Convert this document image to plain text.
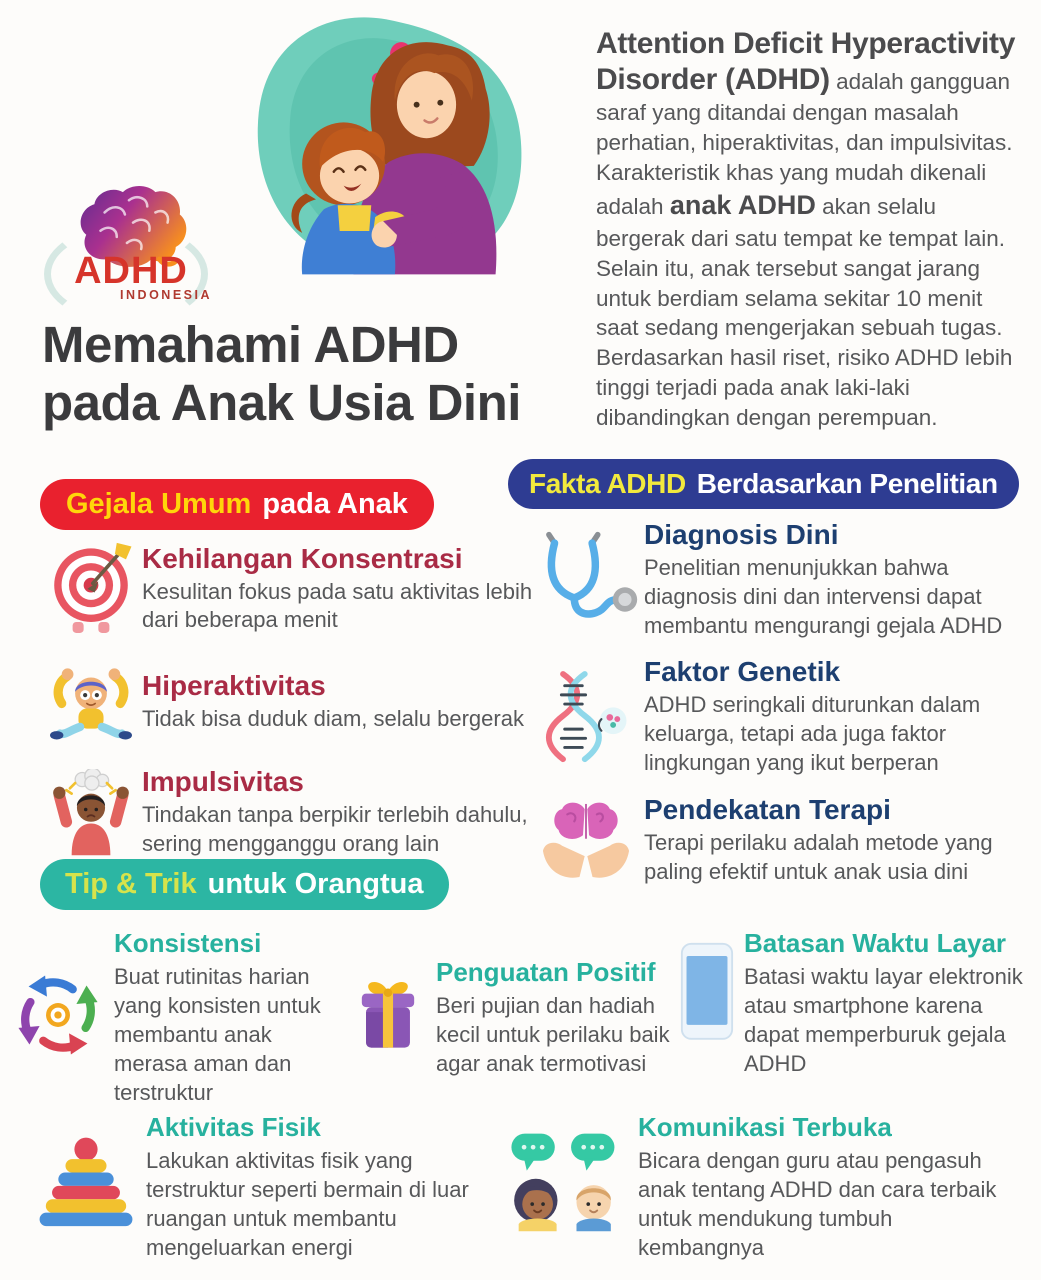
ADHD
INDONESIA
Attention Deficit Hyperactivity Disorder (ADHD) adalah gangguan saraf yang ditandai dengan masalah perhatian, hiperaktivitas, dan impulsivitas. Karakteristik khas yang mudah dikenali adalah anak ADHD akan selalu bergerak dari satu tempat ke tempat lain. Selain itu, anak tersebut sangat jarang untuk berdiam selama sekitar 10 menit saat sedang mengerjakan sebuah tugas. Berdasarkan hasil riset, risiko ADHD lebih tinggi terjadi pada anak laki-laki dibandingkan dengan perempuan.
Memahami ADHD
pada Anak Usia Dini
Gejala Umum pada Anak
Fakta ADHD Berdasarkan Penelitian
Tip & Trik untuk Orangtua
Kehilangan Konsentrasi
Kesulitan fokus pada satu aktivitas lebih dari beberapa menit
Hiperaktivitas
Tidak bisa duduk diam, selalu bergerak
Impulsivitas
Tindakan tanpa berpikir terlebih dahulu, sering mengganggu orang lain
Diagnosis Dini
Penelitian menunjukkan bahwa diagnosis dini dan intervensi dapat membantu mengurangi gejala ADHD
Faktor Genetik
ADHD seringkali diturunkan dalam keluarga, tetapi ada juga faktor lingkungan yang ikut berperan
Pendekatan Terapi
Terapi perilaku adalah metode yang paling efektif untuk anak usia dini
Konsistensi
Buat rutinitas harian yang konsisten untuk membantu anak merasa aman dan terstruktur
Penguatan Positif
Beri pujian dan hadiah kecil untuk perilaku baik agar anak termotivasi
Batasan Waktu Layar
Batasi waktu layar elektronik atau smartphone karena dapat memperburuk gejala ADHD
Aktivitas Fisik
Lakukan aktivitas fisik yang terstruktur seperti bermain di luar ruangan untuk membantu mengeluarkan energi
Komunikasi Terbuka
Bicara dengan guru atau pengasuh anak tentang ADHD dan cara terbaik untuk mendukung tumbuh kembangnya
